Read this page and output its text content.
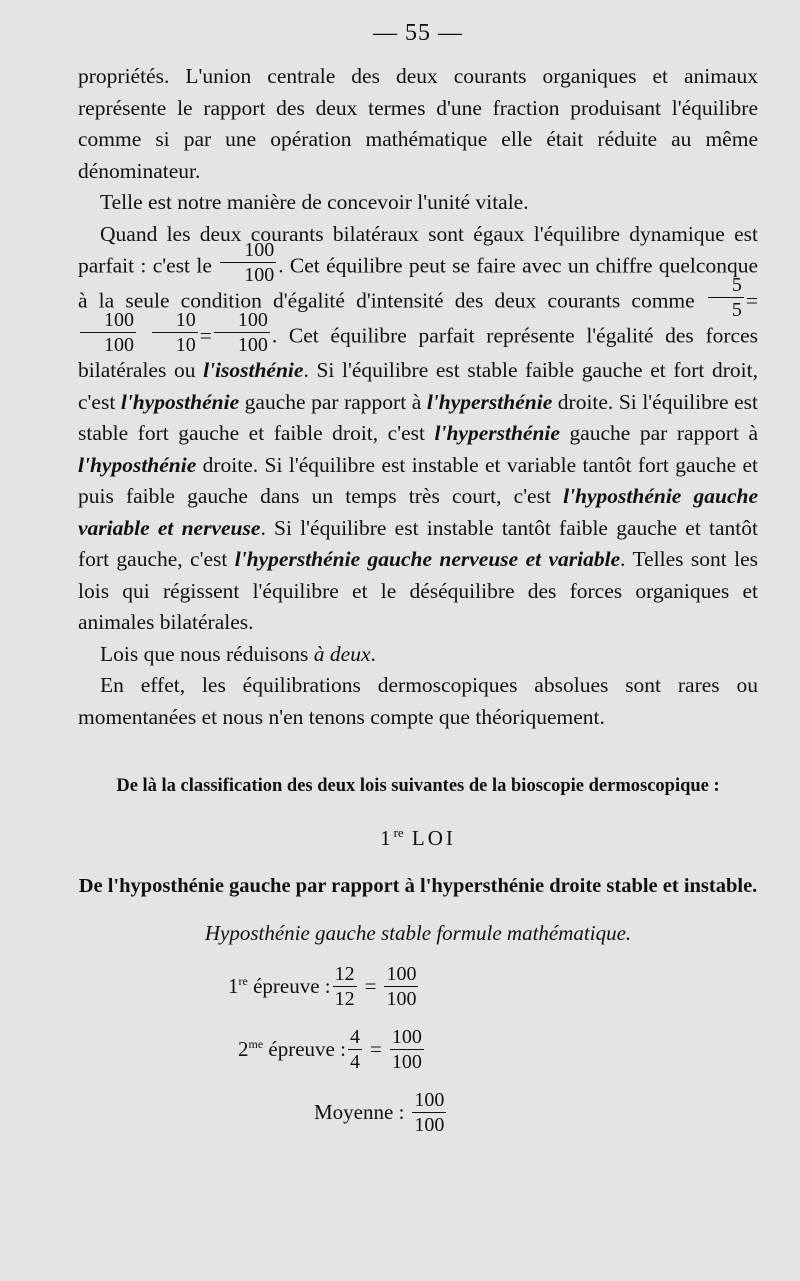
— 55 —

propriétés. L'union centrale des deux courants organiques et animaux représente le rapport des deux termes d'une fraction produisant l'équilibre comme si par une opération mathématique elle était réduite au même dénominateur.

Telle est notre manière de concevoir l'unité vitale.

Quand les deux courants bilatéraux sont égaux l'équilibre dynamique est parfait : c'est le $\frac{100}{100}$ . Cet équilibre peut se faire avec un chiffre quelconque à la seule condition d'égalité d'intensité des deux courants comme $\frac{5}{5}$ =
$\frac{100}{100}$
$\frac{10}{10} = \frac{100}{100}$ . Cet équilibre parfait représente l'égalité des forces bilatérales ou l'isosthénie. Si l'équilibre est stable faible gauche et fort droit, c'est l'hyposthénie gauche par rapport à l'hypersthénie droite. Si l'équilibre est stable fort gauche et faible droit, c'est l'hypersthénie gauche par rapport à l'hyposthénie droite. Si l'équilibre est instable et variable tantôt fort gauche et puis faible gauche dans un temps très court, c'est l'hyposthénie gauche variable et nerveuse. Si l'équilibre est instable tantôt faible gauche et tantôt fort gauche, c'est l'hypersthénie gauche nerveuse et variable. Telles sont les lois qui régissent l'équilibre et le déséquilibre des forces organiques et animales bilatérales.

Lois que nous réduisons à deux.

En effet, les équilibrations dermoscopiques absolues sont rares ou momentanées et nous n'en tenons compte que théoriquement.

De là la classification des deux lois suivantes de la bioscopie dermoscopique :
1re LOI
De l'hyposthénie gauche par rapport à l'hypersthénie droite stable et instable.
Hyposthénie gauche stable formule mathématique.
1re épreuve : $\frac{12}{12} = \frac{100}{100}$
$2^{me}$ épreuve : $\frac{4}{4} = \frac{100}{100}$
Moyenne : $\frac{100}{100}$
